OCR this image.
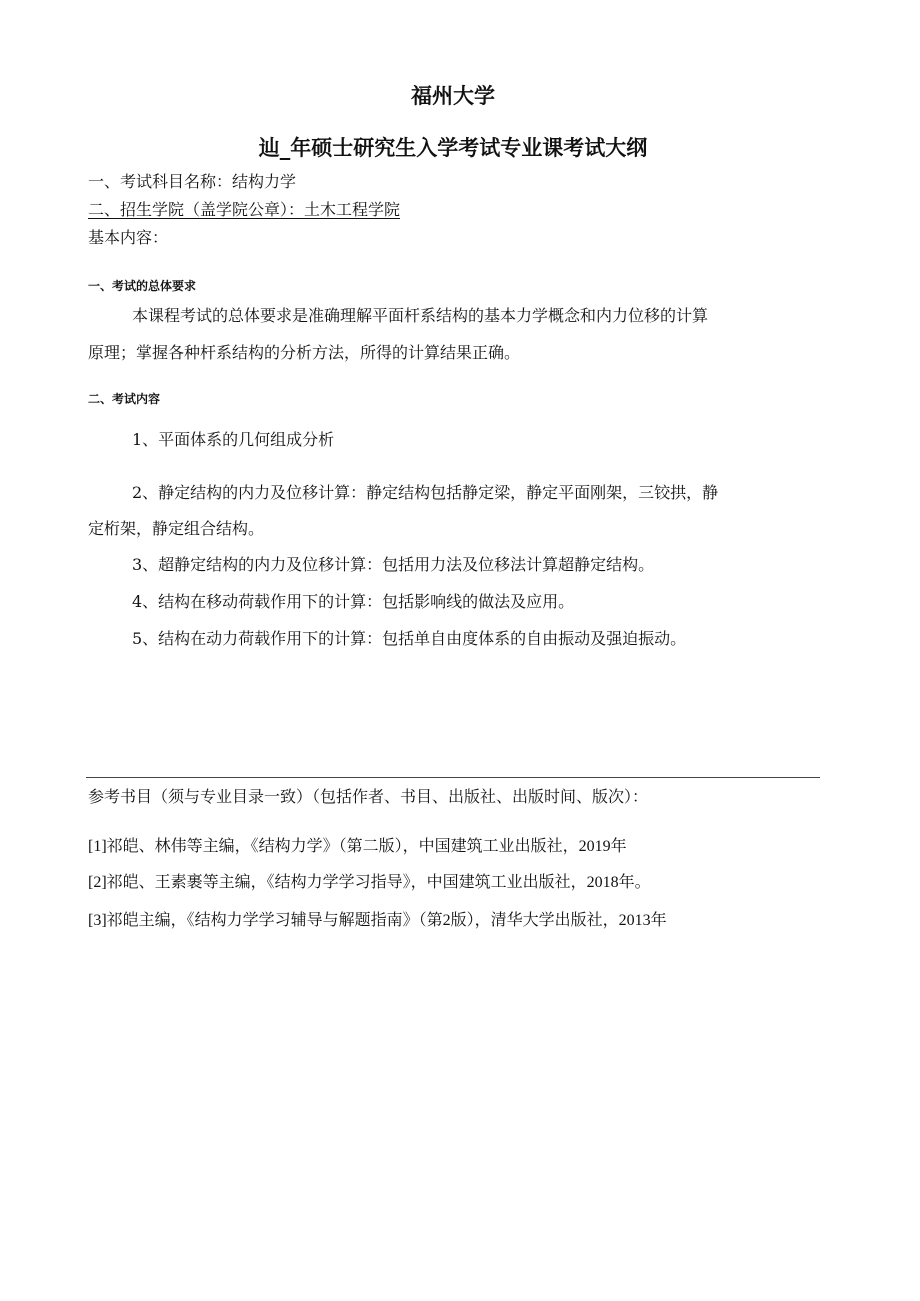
福州大学
辿_年硕士研究生入学考试专业课考试大纲
一、考试科目名称：结构力学
二、招生学院（盖学院公章）：土木工程学院
基本内容：
一、考试的总体要求
本课程考试的总体要求是准确理解平面杆系结构的基本力学概念和内力位移的计算
原理；掌握各种杆系结构的分析方法，所得的计算结果正确。
二、考试内容
1、平面体系的几何组成分析
2、静定结构的内力及位移计算：静定结构包括静定梁，静定平面刚架，三铰拱，静
定桁架，静定组合结构。
3、超静定结构的内力及位移计算：包括用力法及位移法计算超静定结构。
4、结构在移动荷载作用下的计算：包括影响线的做法及应用。
5、结构在动力荷载作用下的计算：包括单自由度体系的自由振动及强迫振动。
参考书目（须与专业目录一致）（包括作者、书目、出版社、出版时间、版次）：
[1]祁皑、林伟等主编，《结构力学》（第二版），中国建筑工业出版社，2019年
[2]祁皑、王素裹等主编，《结构力学学习指导》，中国建筑工业出版社，2018年。
[3]祁皑主编，《结构力学学习辅导与解题指南》（第2版），清华大学出版社，2013年
